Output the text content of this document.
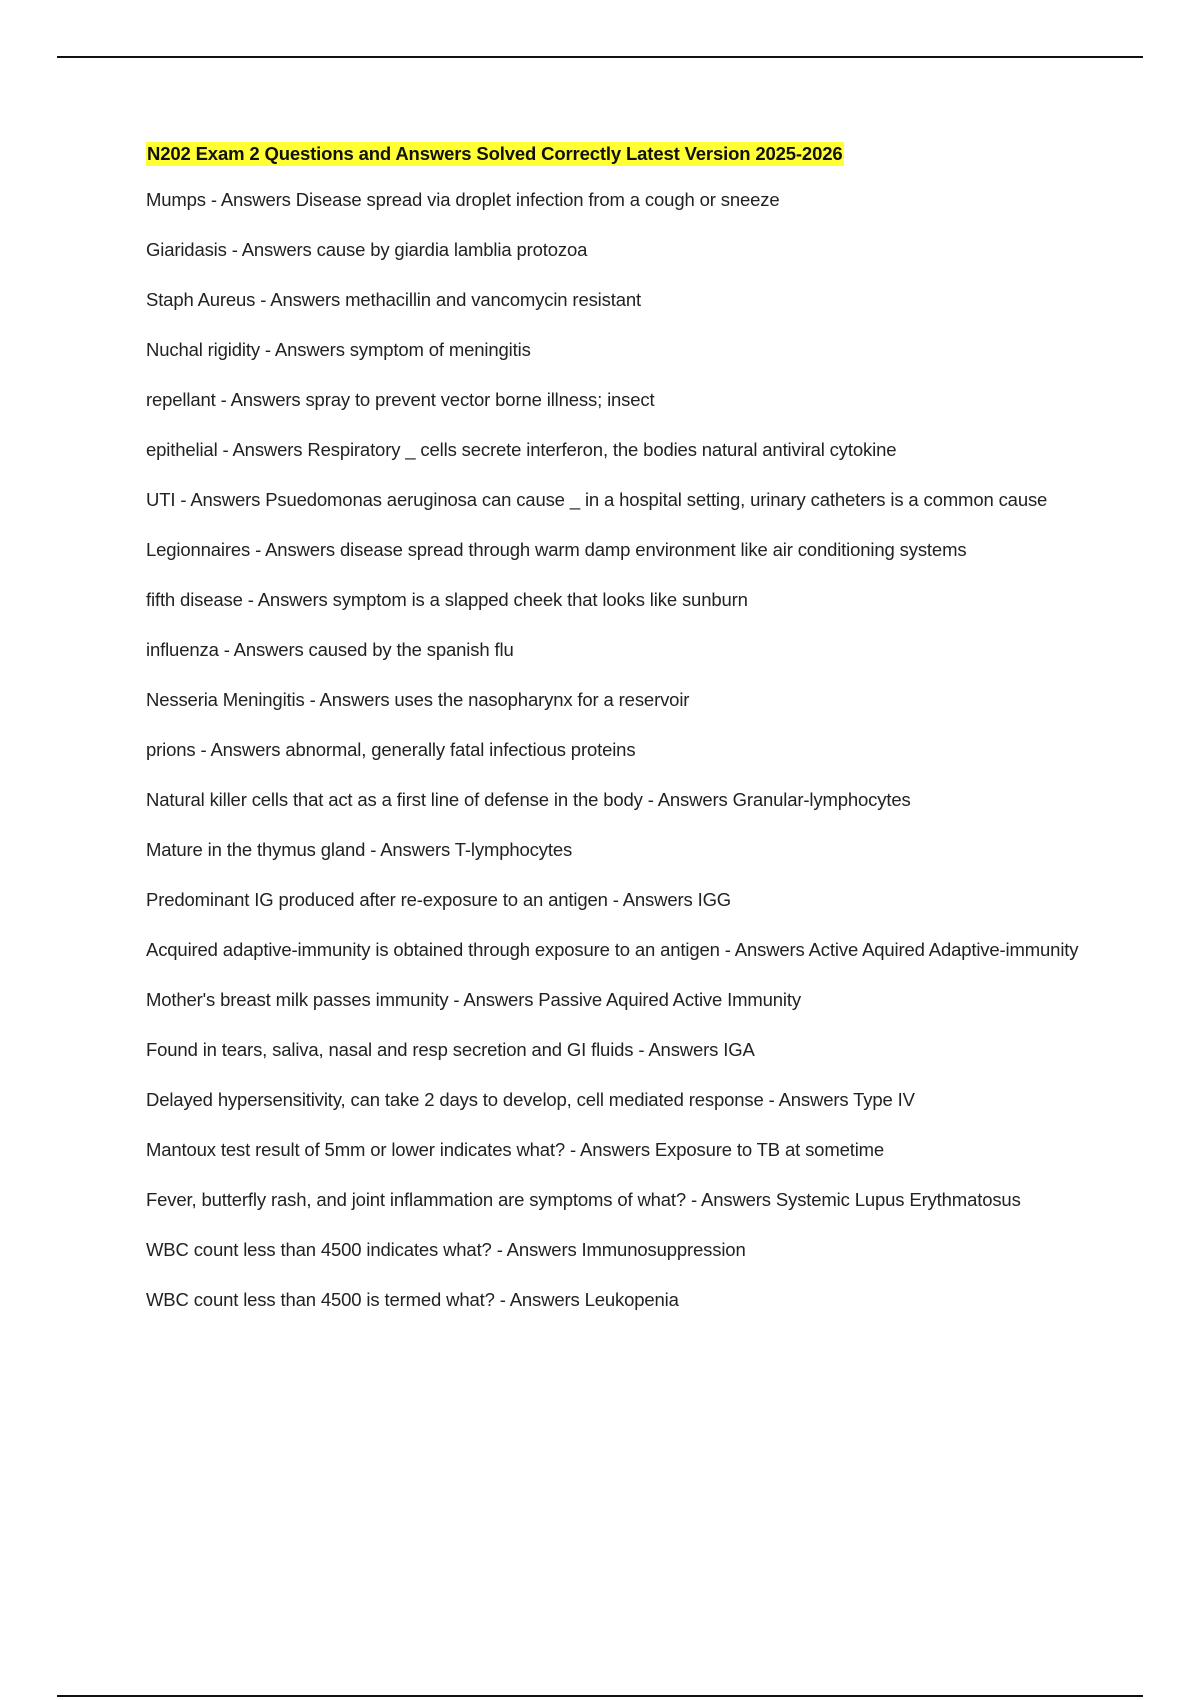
N202 Exam 2 Questions and Answers Solved Correctly Latest Version 2025-2026
Mumps - Answers Disease spread via droplet infection from a cough or sneeze
Giaridasis - Answers cause by giardia lamblia protozoa
Staph Aureus - Answers methacillin and vancomycin resistant
Nuchal rigidity - Answers symptom of meningitis
repellant - Answers spray to prevent vector borne illness; insect
epithelial - Answers Respiratory _ cells secrete interferon, the bodies natural antiviral cytokine
UTI - Answers Psuedomonas aeruginosa can cause _ in a hospital setting, urinary catheters is a common cause
Legionnaires - Answers disease spread through warm damp environment like air conditioning systems
fifth disease - Answers symptom is a slapped cheek that looks like sunburn
influenza - Answers caused by the spanish flu
Nesseria Meningitis - Answers uses the nasopharynx for a reservoir
prions - Answers abnormal, generally fatal infectious proteins
Natural killer cells that act as a first line of defense in the body - Answers Granular-lymphocytes
Mature in the thymus gland - Answers T-lymphocytes
Predominant IG produced after re-exposure to an antigen - Answers IGG
Acquired adaptive-immunity is obtained through exposure to an antigen - Answers Active Aquired Adaptive-immunity
Mother's breast milk passes immunity - Answers Passive Aquired Active Immunity
Found in tears, saliva, nasal and resp secretion and GI fluids - Answers IGA
Delayed hypersensitivity, can take 2 days to develop, cell mediated response - Answers Type IV
Mantoux test result of 5mm or lower indicates what? - Answers Exposure to TB at sometime
Fever, butterfly rash, and joint inflammation are symptoms of what? - Answers Systemic Lupus Erythmatosus
WBC count less than 4500 indicates what? - Answers Immunosuppression
WBC count less than 4500 is termed what? - Answers Leukopenia
